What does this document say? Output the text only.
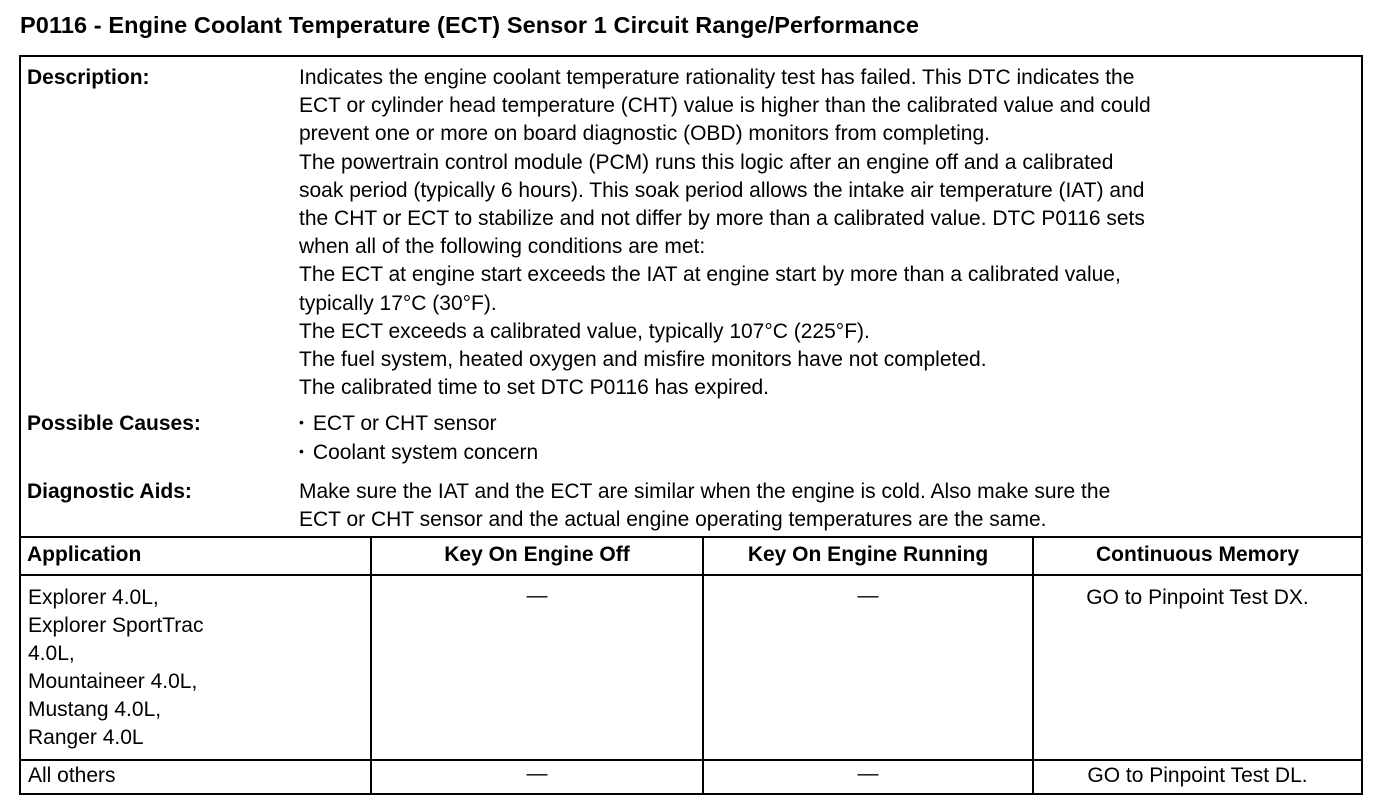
P0116 - Engine Coolant Temperature (ECT) Sensor 1 Circuit Range/Performance
Description:	Indicates the engine coolant temperature rationality test has failed. This DTC indicates the
ECT or cylinder head temperature (CHT) value is higher than the calibrated value and could
prevent one or more on board diagnostic (OBD) monitors from completing.
The powertrain control module (PCM) runs this logic after an engine off and a calibrated
soak period (typically 6 hours). This soak period allows the intake air temperature (IAT) and
the CHT or ECT to stabilize and not differ by more than a calibrated value. DTC P0116 sets
when all of the following conditions are met:
The ECT at engine start exceeds the IAT at engine start by more than a calibrated value,
typically 17°C (30°F).
The ECT exceeds a calibrated value, typically 107°C (225°F).
The fuel system, heated oxygen and misfire monitors have not completed.
The calibrated time to set DTC P0116 has expired.
Possible Causes:
•	ECT or CHT sensor
• Coolant system concern
Diagnostic Aids:	Make sure the IAT and the ECT are similar when the engine is cold. Also make sure the
ECT or CHT sensor and the actual engine operating temperatures are the same.
Application	Key On Engine Off	Key On Engine Running	Continuous Memory
Explorer 4.0L,
Explorer SportTrac
4.0L,
Mountaineer 4.0L,
Mustang 4.0L,
Ranger 4.0L
—	—	GO to Pinpoint Test DX.
All others	—	—	GO to Pinpoint Test DL.
